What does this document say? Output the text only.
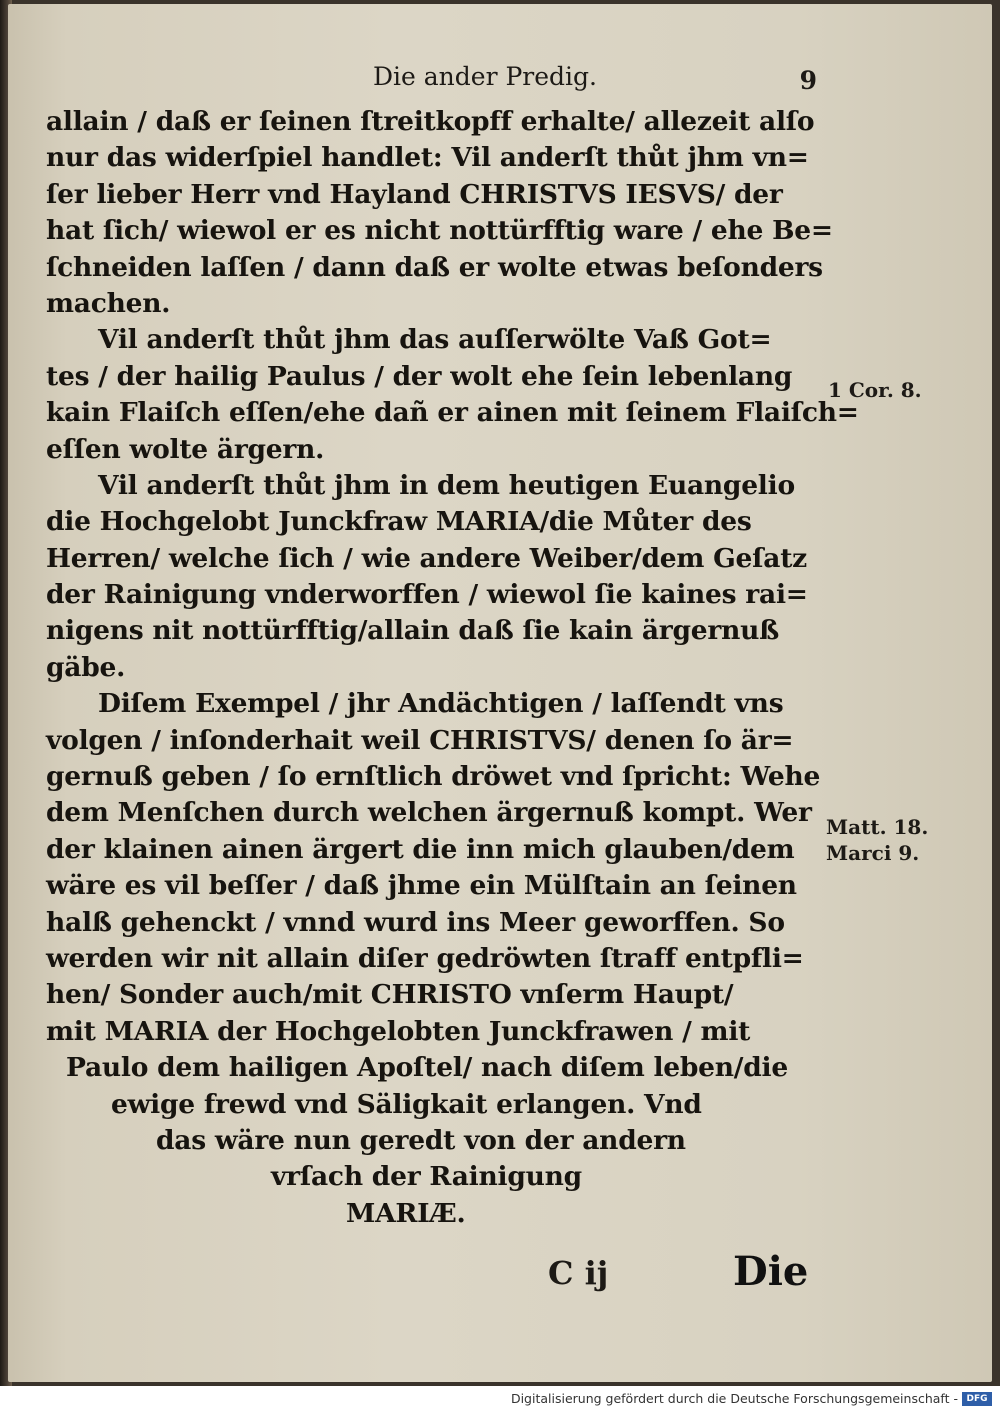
Die ander Predig.	9
allain / daß er ſeinen ſtreitkopff erhalte/ allezeit alſo
nur das widerſpiel handlet: Vil anderſt thůt jhm vn=
ſer lieber Herr vnd Hayland CHRISTVS IESVS/ der
hat ſich/ wiewol er es nicht nottürfftig ware / ehe Be=
ſchneiden laſſen / dann daß er wolte etwas beſonders
machen.
Vil anderſt thůt jhm das auſſerwölte Vaß Got=
tes / der hailig Paulus / der wolt ehe ſein lebenlang
kain Flaiſch eſſen/ehe dañ er ainen mit ſeinem Flaiſch=
eſſen wolte ärgern.
Vil anderſt thůt jhm in dem heutigen Euangelio
die Hochgelobt Junckfraw MARIA/die Můter des
Herren/ welche ſich / wie andere Weiber/dem Geſatz
der Rainigung vnderworffen / wiewol ſie kaines rai=
nigens nit nottürfftig/allain daß ſie kain ärgernuß
gäbe.
Diſem Exempel / jhr Andächtigen / laſſendt vns
volgen / inſonderhait weil CHRISTVS/ denen ſo är=
gernuß geben / ſo ernſtlich dröwet vnd ſpricht: Wehe
dem Menſchen durch welchen ärgernuß kompt. Wer
der klainen ainen ärgert die inn mich glauben/dem
wäre es vil beſſer / daß jhme ein Mülſtain an ſeinen
halß gehenckt / vnnd wurd ins Meer geworffen. So
werden wir nit allain diſer gedröwten ſtraff entpfli=
hen/ Sonder auch/mit CHRISTO vnſerm Haupt/
mit MARIA der Hochgelobten Junckfrawen / mit
Paulo dem hailigen Apoſtel/ nach diſem leben/die
ewige frewd vnd Säligkait erlangen. Vnd
das wäre nun geredt von der andern
vrſach der Rainigung
MARIÆ.
1 Cor. 8.
Matt. 18.
Marci 9.
C ij	Die
Digitalisierung gefördert durch die Deutsche Forschungsgemeinschaft - DFG
